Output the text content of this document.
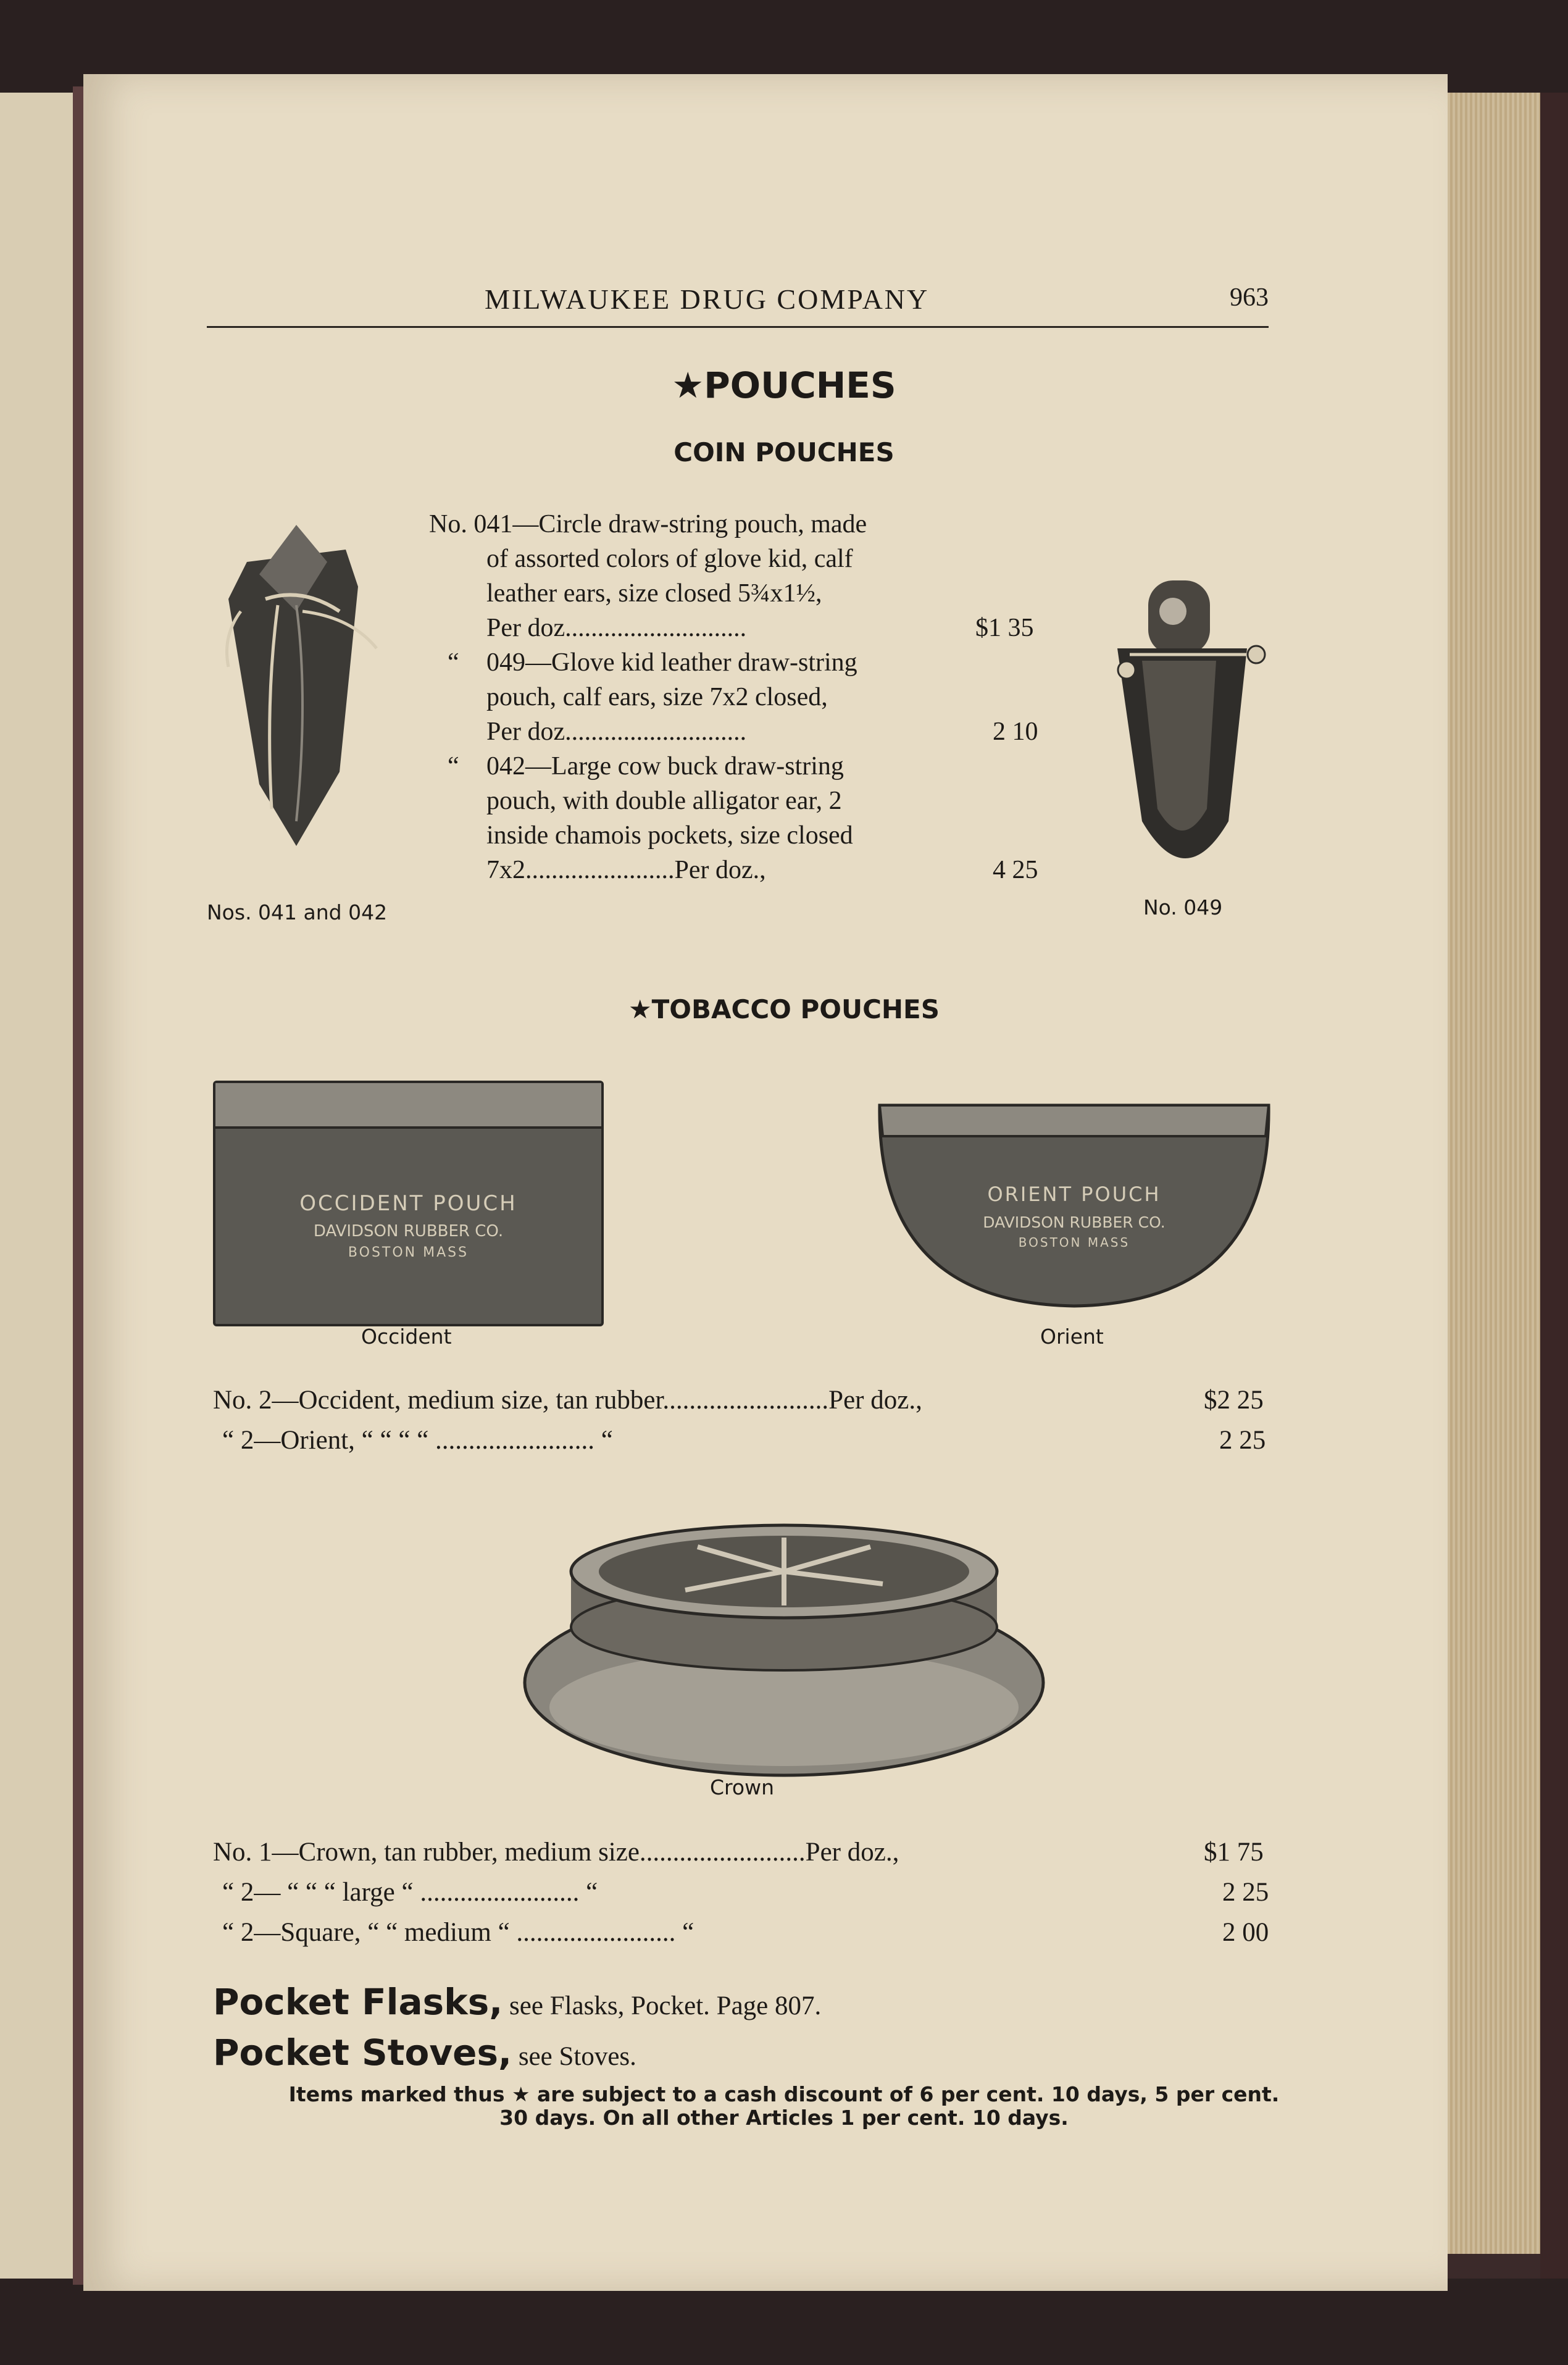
MILWAUKEE DRUG COMPANY	963
★POUCHES
COIN POUCHES
Nos. 041 and 042	No. 049
No. 041—Circle draw-string pouch, made
of assorted colors of glove kid, calf
leather ears, size closed 5¾x1½,
Per doz............................	$1 35
“ 049—Glove kid leather draw-string
pouch, calf ears, size 7x2 closed,
Per doz............................	2 10
“ 042—Large cow buck draw-string
pouch, with double alligator ear, 2
inside chamois pockets, size closed
7x2.......................Per doz.,	4 25
★TOBACCO POUCHES
OCCIDENT POUCH
DAVIDSON RUBBER CO.
BOSTON MASS
Occident
ORIENT POUCH
DAVIDSON RUBBER CO.
BOSTON MASS
Orient
No. 2—Occident, medium size, tan rubber.........................Per doz.,	$2 25
“ 2—Orient, “ “ “ “ ........................ “	2 25
Crown
No. 1—Crown, tan rubber, medium size.........................Per doz.,	$1 75
“ 2— “ “ “ large “ ........................ “	2 25
“ 2—Square, “ “ medium “ ........................ “	2 00
Pocket Flasks, see Flasks, Pocket. Page 807.
Pocket Stoves, see Stoves.
Items marked thus ★ are subject to a cash discount of 6 per cent. 10 days, 5 per cent.
30 days. On all other Articles 1 per cent. 10 days.
